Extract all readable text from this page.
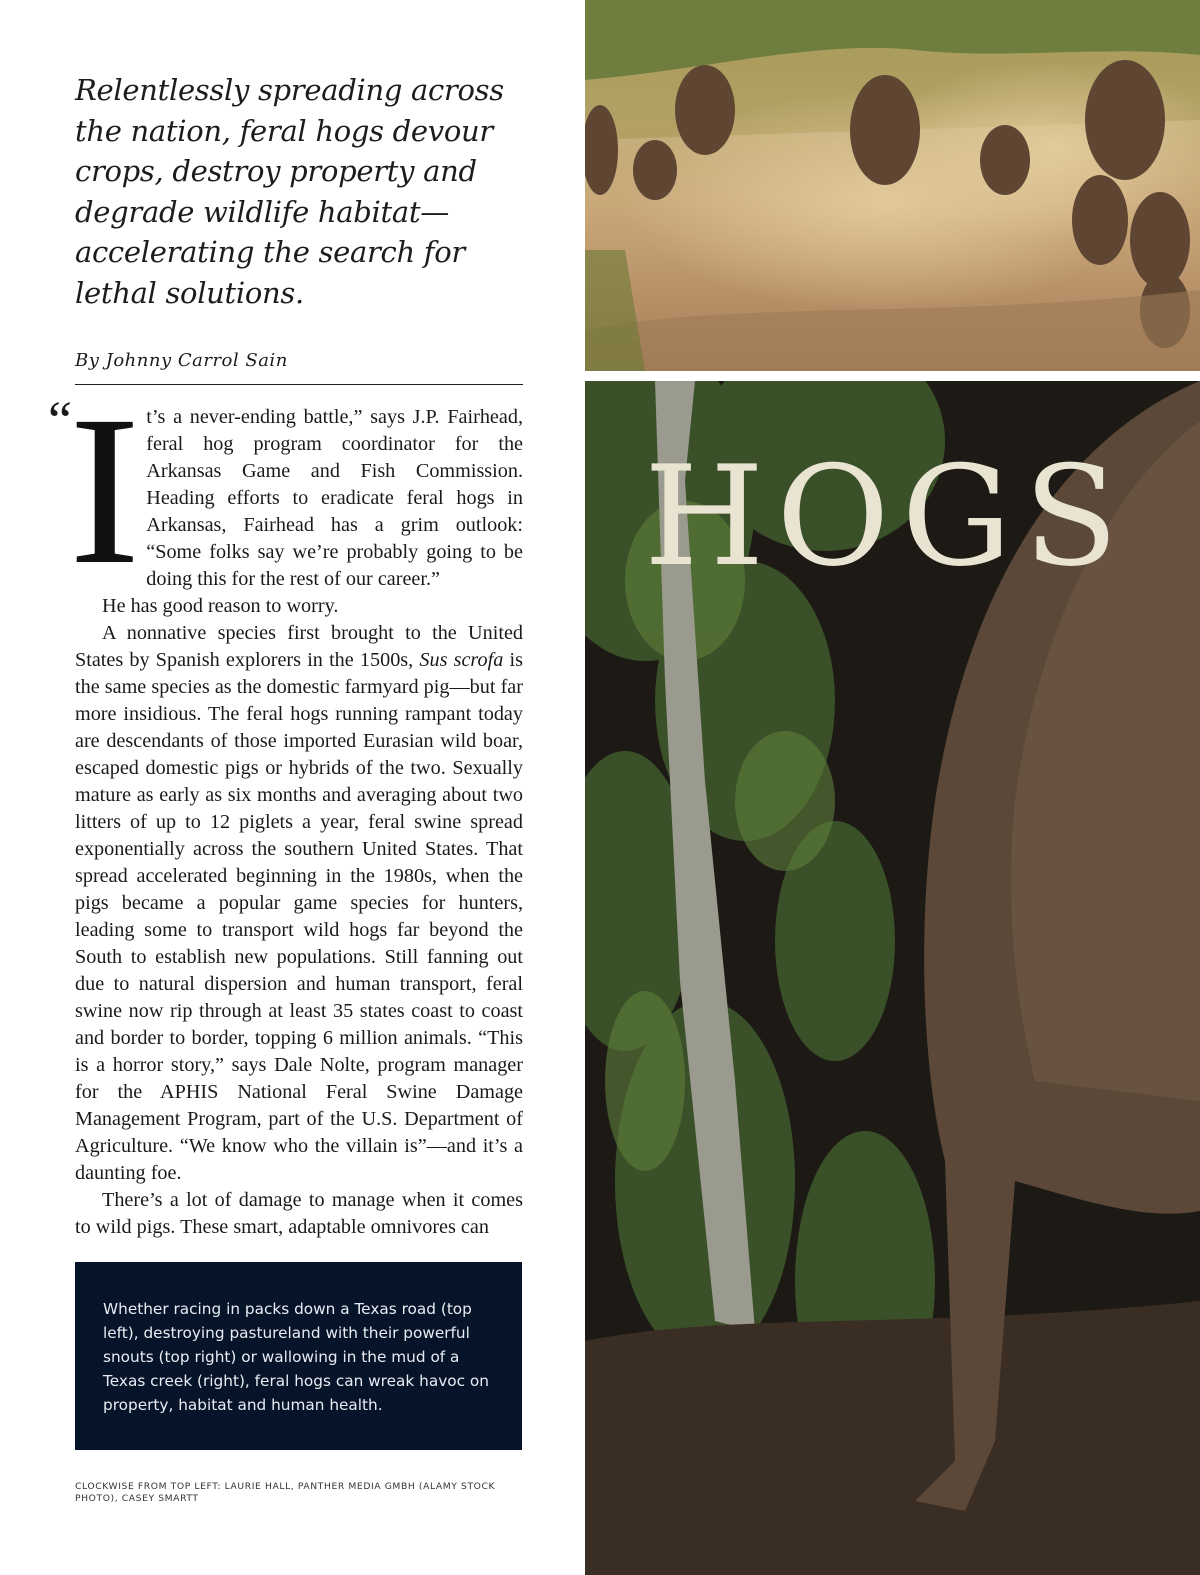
Relentlessly spreading across the nation, feral hogs devour crops, destroy property and degrade wildlife habitat—accelerating the search for lethal solutions.
By Johnny Carrol Sain
“

It’s a never-ending battle,” says J.P. Fairhead, feral hog program coordinator for the Arkansas Game and Fish Commission. Heading efforts to eradicate feral hogs in Arkansas, Fairhead has a grim outlook: “Some folks say we’re probably going to be doing this for the rest of our career.”

He has good reason to worry.

A nonnative species first brought to the United States by Spanish explorers in the 1500s, Sus scrofa is the same species as the domestic farmyard pig—but far more insidious. The feral hogs running rampant today are descendants of those imported Eurasian wild boar, escaped domestic pigs or hybrids of the two. Sexually mature as early as six months and averaging about two litters of up to 12 piglets a year, feral swine spread exponentially across the southern United States. That spread accelerated beginning in the 1980s, when the pigs became a popular game species for hunters, leading some to transport wild hogs far beyond the South to establish new populations. Still fanning out due to natural dispersion and human transport, feral swine now rip through at least 35 states coast to coast and border to border, topping 6 million animals. “This is a horror story,” says Dale Nolte, program manager for the APHIS National Feral Swine Damage Management Program, part of the U.S. Department of Agriculture. “We know who the villain is”—and it’s a daunting foe.

There’s a lot of damage to manage when it comes to wild pigs. These smart, adaptable omnivores can

Whether racing in packs down a Texas road (top left), destroying pastureland with their powerful snouts (top right) or wallowing in the mud of a Texas creek (right), feral hogs can wreak havoc on property, habitat and human health.

CLOCKWISE FROM TOP LEFT: LAURIE HALL, PANTHER MEDIA GMBH (ALAMY STOCK PHOTO), CASEY SMARTT
HOGS
